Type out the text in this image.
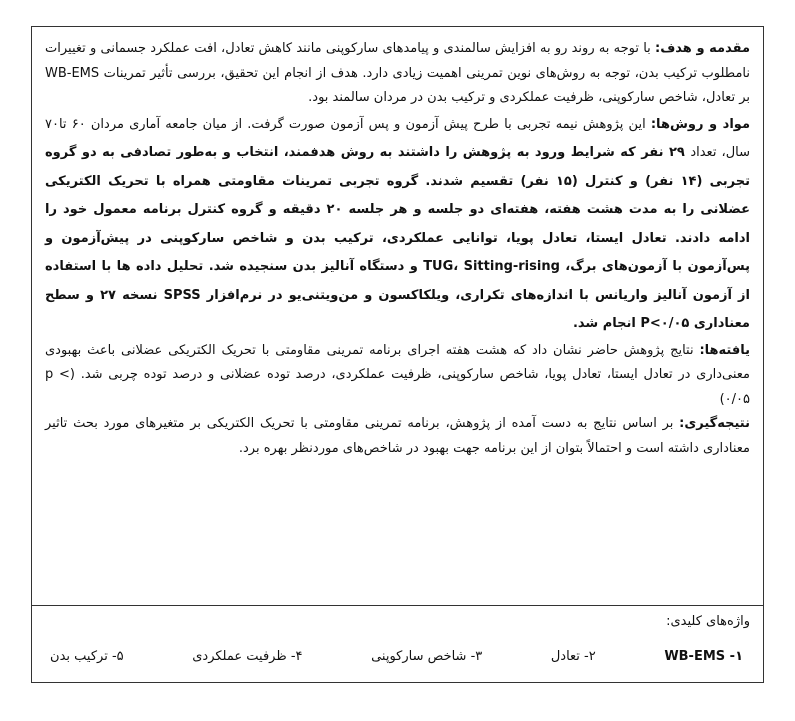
مقدمه و هدف: با توجه به روند رو به افزایش سالمندی و پیامدهای سارکوپنی مانند کاهش تعادل، افت عملکرد جسمانی و تغییرات نامطلوب ترکیب بدن، توجه به روش‌های نوین تمرینی اهمیت زیادی دارد. هدف از انجام این تحقیق، بررسی تأثیر تمرینات WB-EMS بر تعادل، شاخص سارکوپنی، ظرفیت عملکردی و ترکیب بدن در مردان سالمند بود.

مواد و روش‌ها: این پژوهش نیمه تجربی با طرح پیش آزمون و پس آزمون صورت گرفت. از میان جامعه آماری مردان ۶۰ تا۷۰ سال، تعداد ۲۹ نفر که شرایط ورود به پژوهش را داشتند به روش هدفمند، انتخاب و به‌طور تصادفی به دو گروه تجربی (۱۴ نفر) و کنترل (۱۵ نفر) تقسیم شدند. گروه تجربی تمرینات مقاومتی همراه با تحریک الکتریکی عضلانی را به مدت هشت هفته، هفته‌ای دو جلسه و هر جلسه ۲۰ دقیقه و گروه کنترل برنامه معمول خود را ادامه دادند. تعادل ایستا، تعادل پویا، توانایی عملکردی، ترکیب بدن و شاخص سارکوپنی در پیش‌آزمون و پس‌آزمون با آزمون‌های برگ، TUG، Sitting-rising و دستگاه آنالیز بدن سنجیده شد. تحلیل داده ها با استفاده از آزمون آنالیز واریانس با اندازه‌های تکراری، ویلکاکسون و من‌ویتنی‌یو در نرم‌افزار SPSS نسخه ۲۷ و سطح معناداری P<۰/۰۵ انجام شد.

یافته‌ها: نتایج پژوهش حاضر نشان داد که هشت هفته اجرای برنامه تمرینی مقاومتی با تحریک الکتریکی عضلانی باعث بهبودی معنی‌داری در تعادل ایستا، تعادل پویا، شاخص سارکوپنی، ظرفیت عملکردی، درصد توده عضلانی و درصد توده چربی شد. (p < ۰/۰۵)

نتیجه‌گیری: بر اساس نتایج به دست آمده از پژوهش، برنامه تمرینی مقاومتی با تحریک الکتریکی بر متغیرهای مورد بحث تاثیر معناداری داشته است و احتمالاً بتوان از این برنامه جهت بهبود در شاخص‌های موردنظر بهره برد.

واژه‌های کلیدی:
۱- WB-EMS
۲- تعادل
۳- شاخص سارکوپنی
۴- ظرفیت عملکردی
۵- ترکیب بدن
